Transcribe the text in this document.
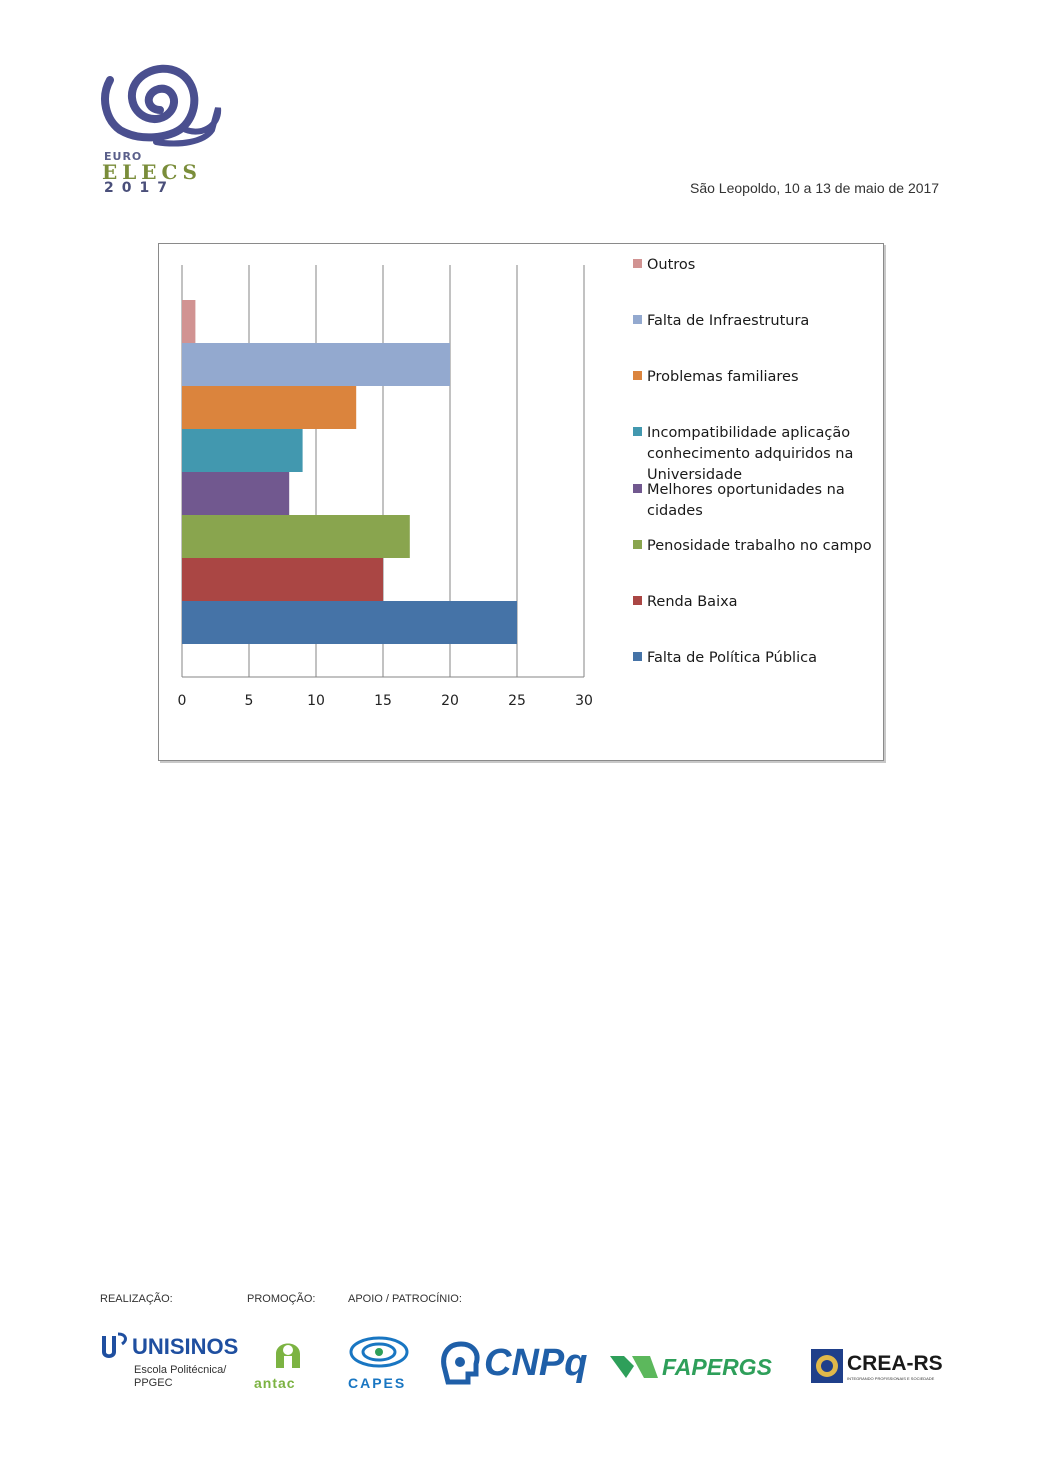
EURO
ELECS
2017	São Leopoldo, 10 a 13 de maio de 2017
0	5	10	15	20	25	30
Outros
Falta de Infraestrutura
Problemas familiares
Incompatibilidade aplicação
conhecimento adquiridos na
Universidade
Melhores oportunidades na
cidades
Penosidade trabalho no campo
Renda Baixa
Falta de Política Pública
REALIZAÇÃO:	PROMOÇÃO:	APOIO / PATROCÍNIO:
UNISINOS
Escola Politécnica/
PPGEC	antac	CAPES CNPq	FAPERGS	CREA-RS
INTEGRANDO PROFISSIONAIS E SOCIEDADE
